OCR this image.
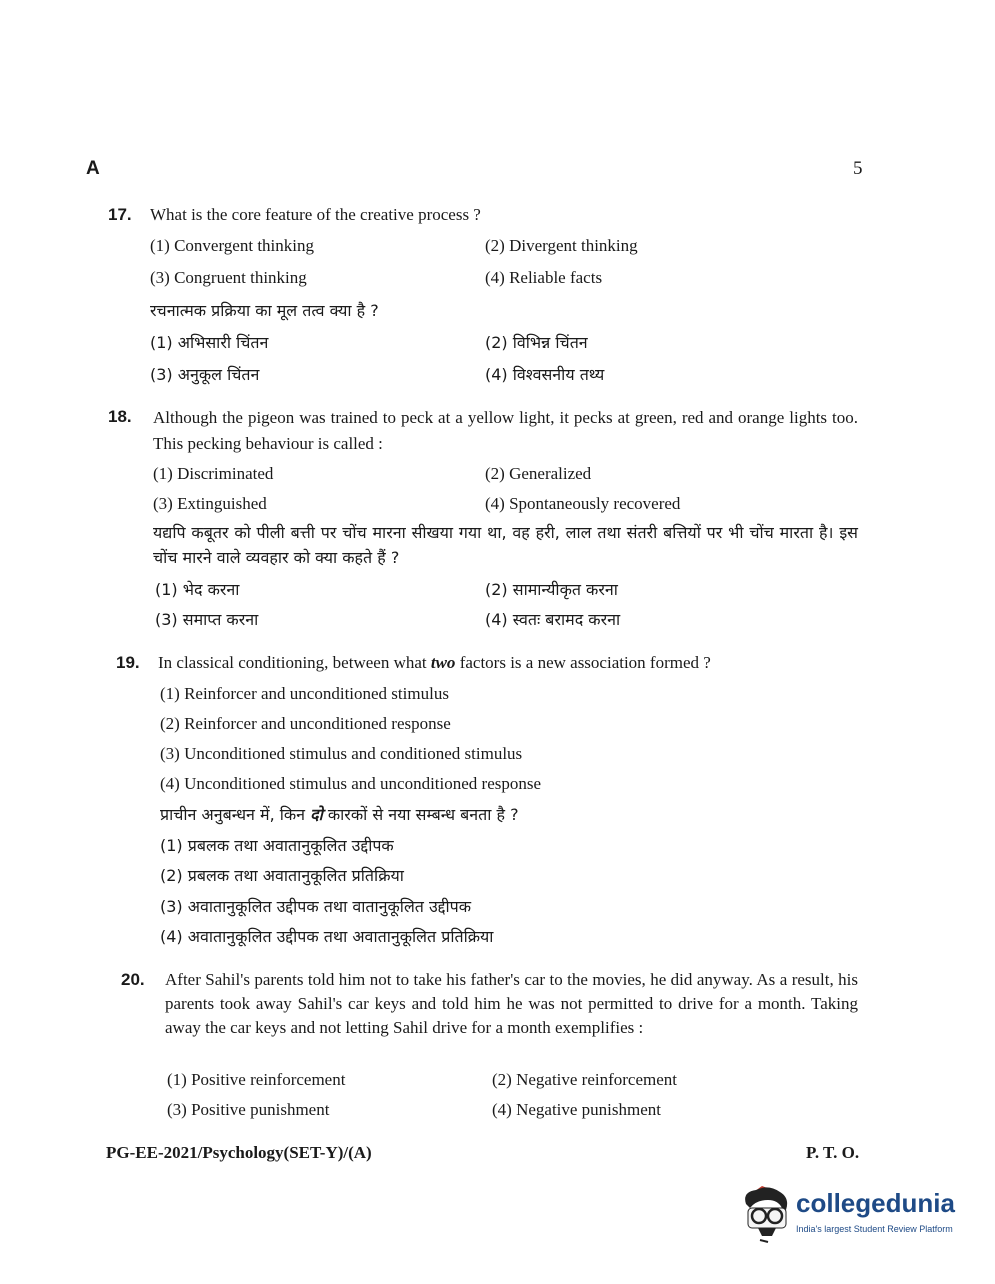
A	5
17. What is the core feature of the creative process ?
(1) Convergent thinking	(2) Divergent thinking
(3) Congruent thinking	(4) Reliable facts
रचनात्मक प्रक्रिया का मूल तत्व क्या है ?
(1) अभिसारी चिंतन	(2) विभिन्न चिंतन
(3) अनुकूल चिंतन	(4) विश्वसनीय तथ्य
18. Although the pigeon was trained to peck at a yellow light, it pecks at green, red and orange lights too. This pecking behaviour is called :
(1) Discriminated	(2) Generalized
(3) Extinguished	(4) Spontaneously recovered
यद्यपि कबूतर को पीली बत्ती पर चोंच मारना सीखया गया था, वह हरी, लाल तथा संतरी बत्तियों पर भी चोंच मारता है। इस चोंच मारने वाले व्यवहार को क्या कहते हैं ?
(1) भेद करना	(2) सामान्यीकृत करना
(3) समाप्त करना	(4) स्वतः बरामद करना
19. In classical conditioning, between what two factors is a new association formed ?
(1) Reinforcer and unconditioned stimulus
(2) Reinforcer and unconditioned response
(3) Unconditioned stimulus and conditioned stimulus
(4) Unconditioned stimulus and unconditioned response
प्राचीन अनुबन्धन में, किन दो कारकों से नया सम्बन्ध बनता है ?
(1) प्रबलक तथा अवातानुकूलित उद्दीपक
(2) प्रबलक तथा अवातानुकूलित प्रतिक्रिया
(3) अवातानुकूलित उद्दीपक तथा वातानुकूलित उद्दीपक
(4) अवातानुकूलित उद्दीपक तथा अवातानुकूलित प्रतिक्रिया
20. After Sahil's parents told him not to take his father's car to the movies, he did anyway. As a result, his parents took away Sahil's car keys and told him he was not permitted to drive for a month. Taking away the car keys and not letting Sahil drive for a month exemplifies :
(1) Positive reinforcement	(2) Negative reinforcement
(3) Positive punishment	(4) Negative punishment
PG-EE-2021/Psychology(SET-Y)/(A)	P. T. O.
collegedunia
India's largest Student Review Platform
